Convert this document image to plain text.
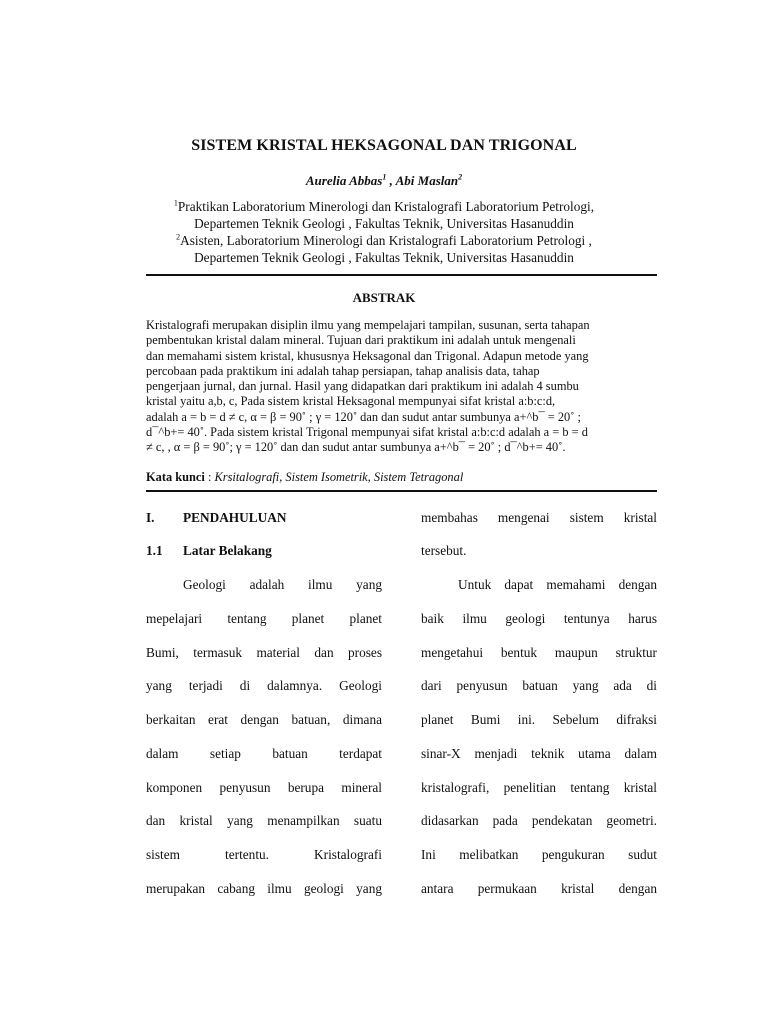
SISTEM KRISTAL HEKSAGONAL DAN TRIGONAL
Aurelia Abbas$^1$ , Abi Maslan$^2$
$^1$Praktikan Laboratorium Minerologi dan Kristalografi Laboratorium Petrologi,
Departemen Teknik Geologi , Fakultas Teknik, Universitas Hasanuddin
$^2$Asisten, Laboratorium Minerologi dan Kristalografi Laboratorium Petrologi ,
Departemen Teknik Geologi , Fakultas Teknik, Universitas Hasanuddin
ABSTRAK

Kristalografi merupakan disiplin ilmu yang mempelajari tampilan, susunan, serta tahapan

pembentukan kristal dalam mineral. Tujuan dari praktikum ini adalah untuk mengenali

dan memahami sistem kristal, khususnya Heksagonal dan Trigonal. Adapun metode yang

percobaan pada praktikum ini adalah tahap persiapan, tahap analisis data, tahap

pengerjaan jurnal, dan jurnal. Hasil yang didapatkan dari praktikum ini adalah 4 sumbu

kristal yaitu a,b, c, Pada sistem kristal Heksagonal mempunyai sifat kristal a:b:c:d,

adalah a = b = d ≠ c, α = β = 90˚ ; γ = 120˚ dan dan sudut antar sumbunya a+^b¯ = 20˚ ;

d¯^b+= 40˚. Pada sistem kristal Trigonal mempunyai sifat kristal a:b:c:d adalah a = b = d

≠ c, , α = β = 90˚; γ = 120˚ dan dan sudut antar sumbunya a+^b¯ = 20˚ ; d¯^b+= 40˚.

Kata kunci : Krsitalografi, Sistem Isometrik, Sistem Tetragonal
I. PENDAHULUAN
1.1 Latar Belakang
Geologi adalah ilmu yang
mepelajari tentang planet planet
Bumi, termasuk material dan proses
yang terjadi di dalamnya. Geologi
berkaitan erat dengan batuan, dimana
dalam setiap batuan terdapat
komponen penyusun berupa mineral
dan kristal yang menampilkan suatu
sistem tertentu. Kristalografi
merupakan cabang ilmu geologi yang
membahas mengenai sistem kristal
tersebut.
Untuk dapat memahami dengan
baik ilmu geologi tentunya harus
mengetahui bentuk maupun struktur
dari penyusun batuan yang ada di
planet Bumi ini. Sebelum difraksi
sinar-X menjadi teknik utama dalam
kristalografi, penelitian tentang kristal
didasarkan pada pendekatan geometri.
Ini melibatkan pengukuran sudut
antara permukaan kristal dengan
